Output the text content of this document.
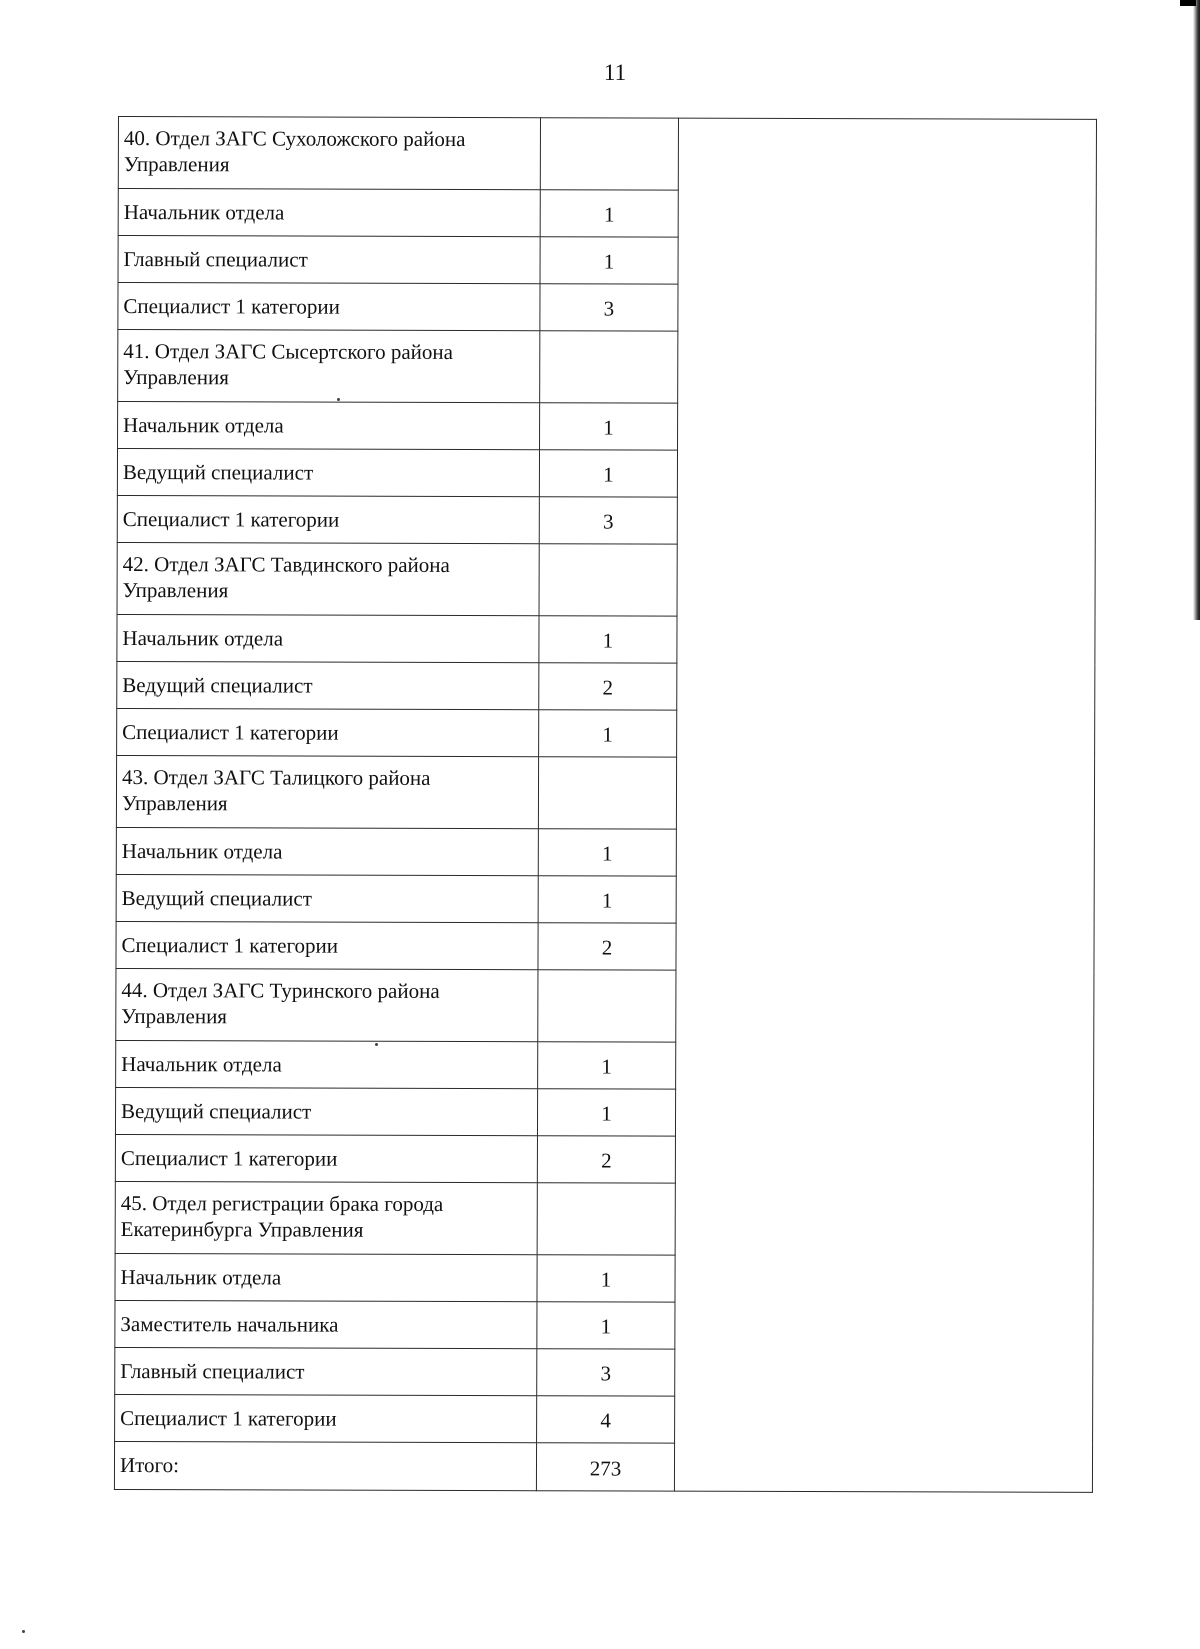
11
40. Отдел ЗАГС Сухоложского района Управления		
Начальник отдела	1	
Главный специалист	1	
Специалист 1 категории	3	
41. Отдел ЗАГС Сысертского района Управления		
Начальник отдела	1	
Ведущий специалист	1	
Специалист 1 категории	3	
42. Отдел ЗАГС Тавдинского района Управления		
Начальник отдела	1	
Ведущий специалист	2	
Специалист 1 категории	1	
43. Отдел ЗАГС Талицкого района Управления		
Начальник отдела	1	
Ведущий специалист	1	
Специалист 1 категории	2	
44. Отдел ЗАГС Туринского района Управления		
Начальник отдела	1	
Ведущий специалист	1	
Специалист 1 категории	2	
45. Отдел регистрации брака города Екатеринбурга Управления		
Начальник отдела	1	
Заместитель начальника	1	
Главный специалист	3	
Специалист 1 категории	4	
Итого:	273	
